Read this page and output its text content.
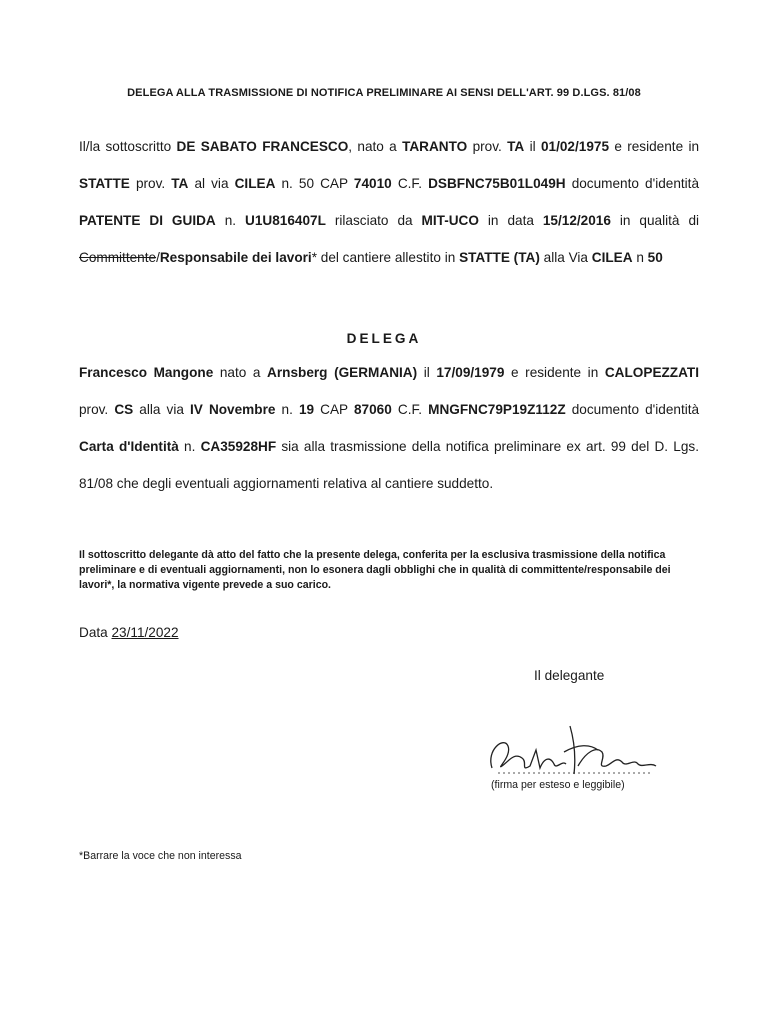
DELEGA ALLA TRASMISSIONE DI NOTIFICA PRELIMINARE AI SENSI DELL'ART. 99 D.LGS. 81/08
Il/la sottoscritto DE SABATO FRANCESCO, nato a TARANTO prov. TA il 01/02/1975 e residente in STATTE prov. TA al via CILEA n. 50 CAP 74010 C.F. DSBFNC75B01L049H documento d'identità PATENTE DI GUIDA n. U1U816407L rilasciato da MIT-UCO in data 15/12/2016 in qualità di Committente/Responsabile dei lavori* del cantiere allestito in STATTE (TA) alla Via CILEA n 50
DELEGA
Francesco Mangone nato a Arnsberg (GERMANIA) il 17/09/1979 e residente in CALOPEZZATI prov. CS alla via IV Novembre n. 19 CAP 87060 C.F. MNGFNC79P19Z112Z documento d'identità Carta d'Identità n. CA35928HF sia alla trasmissione della notifica preliminare ex art. 99 del D. Lgs. 81/08 che degli eventuali aggiornamenti relativa al cantiere suddetto.
Il sottoscritto delegante dà atto del fatto che la presente delega, conferita per la esclusiva trasmissione della notifica preliminare e di eventuali aggiornamenti, non lo esonera dagli obblighi che in qualità di committente/responsabile dei lavori*, la normativa vigente prevede a suo carico.
Data 23/11/2022
Il delegante
(firma per esteso e leggibile)
*Barrare la voce che non interessa
